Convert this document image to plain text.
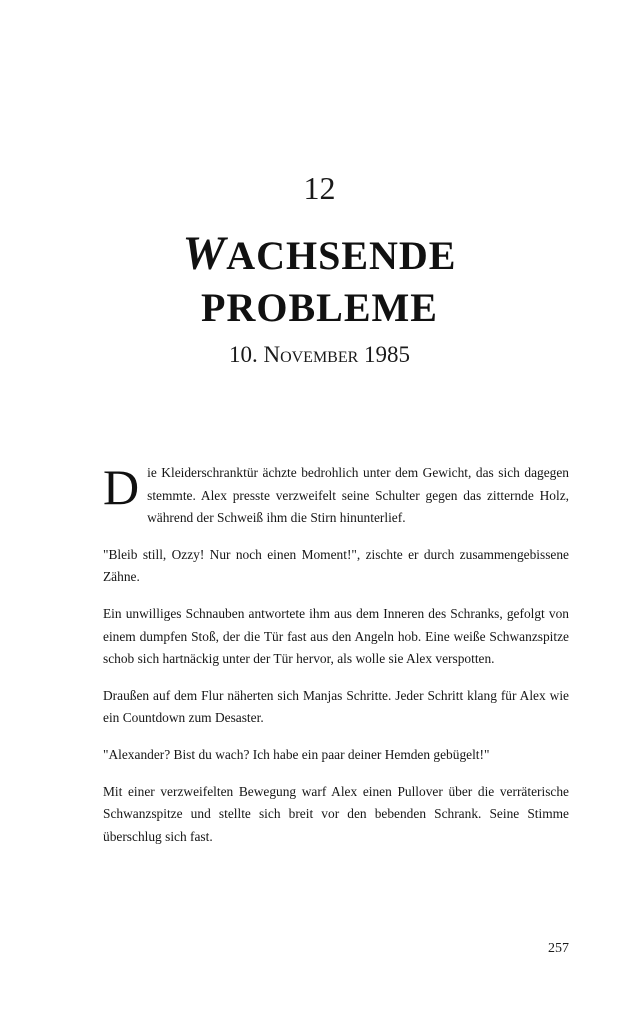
12
WACHSENDE
PROBLEME
10. November 1985

Die Kleiderschranktür ächzte bedrohlich unter dem Gewicht, das sich dagegen stemmte. Alex presste verzweifelt seine Schulter gegen das zitternde Holz, während der Schweiß ihm die Stirn hinunterlief.

"Bleib still, Ozzy! Nur noch einen Moment!", zischte er durch zusammengebissene Zähne.

Ein unwilliges Schnauben antwortete ihm aus dem Inneren des Schranks, gefolgt von einem dumpfen Stoß, der die Tür fast aus den Angeln hob. Eine weiße Schwanzspitze schob sich hartnäckig unter der Tür hervor, als wolle sie Alex verspotten.

Draußen auf dem Flur näherten sich Manjas Schritte. Jeder Schritt klang für Alex wie ein Countdown zum Desaster.

"Alexander? Bist du wach? Ich habe ein paar deiner Hemden gebügelt!"

Mit einer verzweifelten Bewegung warf Alex einen Pullover über die verräterische Schwanzspitze und stellte sich breit vor den bebenden Schrank. Seine Stimme überschlug sich fast.

257
